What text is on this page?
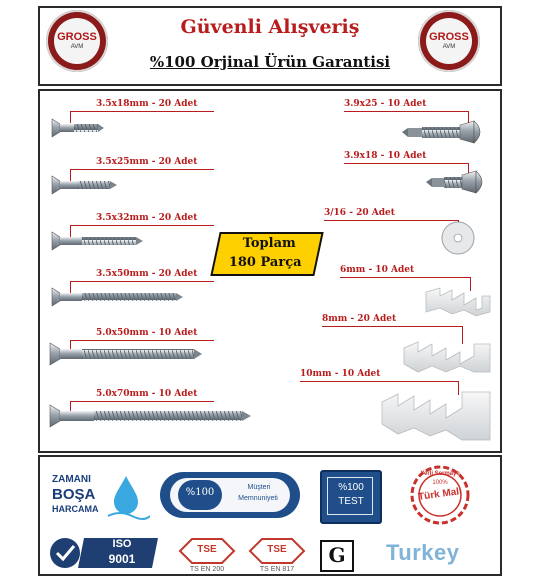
GROSS
AVM
GROSS
AVM
Güvenli Alışveriş
%100 Orjinal Ürün Garantisi
3.5x18mm - 20 Adet
3.5x25mm - 20 Adet
3.5x32mm - 20 Adet
3.5x50mm - 20 Adet
5.0x50mm - 10 Adet
5.0x70mm - 10 Adet
3.9x25 - 10 Adet
3.9x18 - 10 Adet
3/16 - 20 Adet
6mm - 10 Adet
8mm - 20 Adet
10mm - 10 Adet
Toplam
180 Parça
ZAMANI
BOŞA
HARCAMA
%100	Müşteri
Memnuniyeti
%100
TEST
Yerli Sermaye
100%
Türk Malı
ISO
9001
TSE
TS EN 200
TSE
TS EN 817
G Turkey
